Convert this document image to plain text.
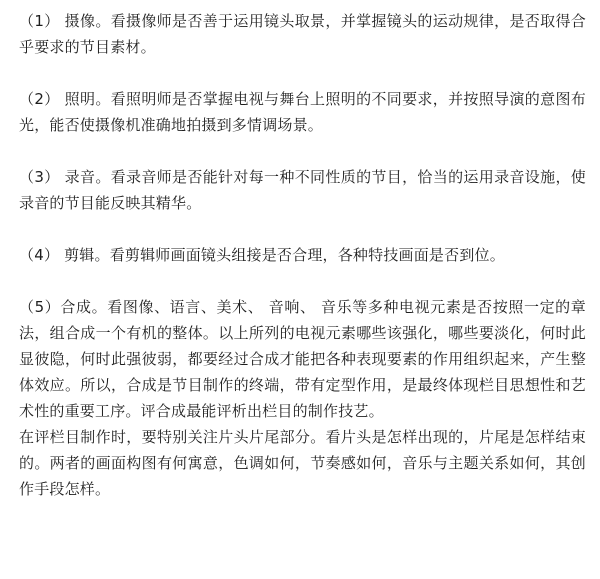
（1） 摄像。看摄像师是否善于运用镜头取景，并掌握镜头的运动规律，是否取得合乎要求的节目素材。

（2） 照明。看照明师是否掌握电视与舞台上照明的不同要求，并按照导演的意图布光，能否使摄像机准确地拍摄到多情调场景。

（3） 录音。看录音师是否能针对每一种不同性质的节目，恰当的运用录音设施，使录音的节目能反映其精华。

（4） 剪辑。看剪辑师画面镜头组接是否合理，各种特技画面是否到位。

（5）合成。看图像、语言、美术、 音响、 音乐等多种电视元素是否按照一定的章法，组合成一个有机的整体。以上所列的电视元素哪些该强化，哪些要淡化，何时此显彼隐，何时此强彼弱，都要经过合成才能把各种表现要素的作用组织起来，产生整体效应。所以，合成是节目制作的终端，带有定型作用，是最终体现栏目思想性和艺术性的重要工序。评合成最能评析出栏目的制作技艺。

在评栏目制作时，要特别关注片头片尾部分。看片头是怎样出现的，片尾是怎样结束的。两者的画面构图有何寓意，色调如何，节奏感如何，音乐与主题关系如何，其创作手段怎样。
